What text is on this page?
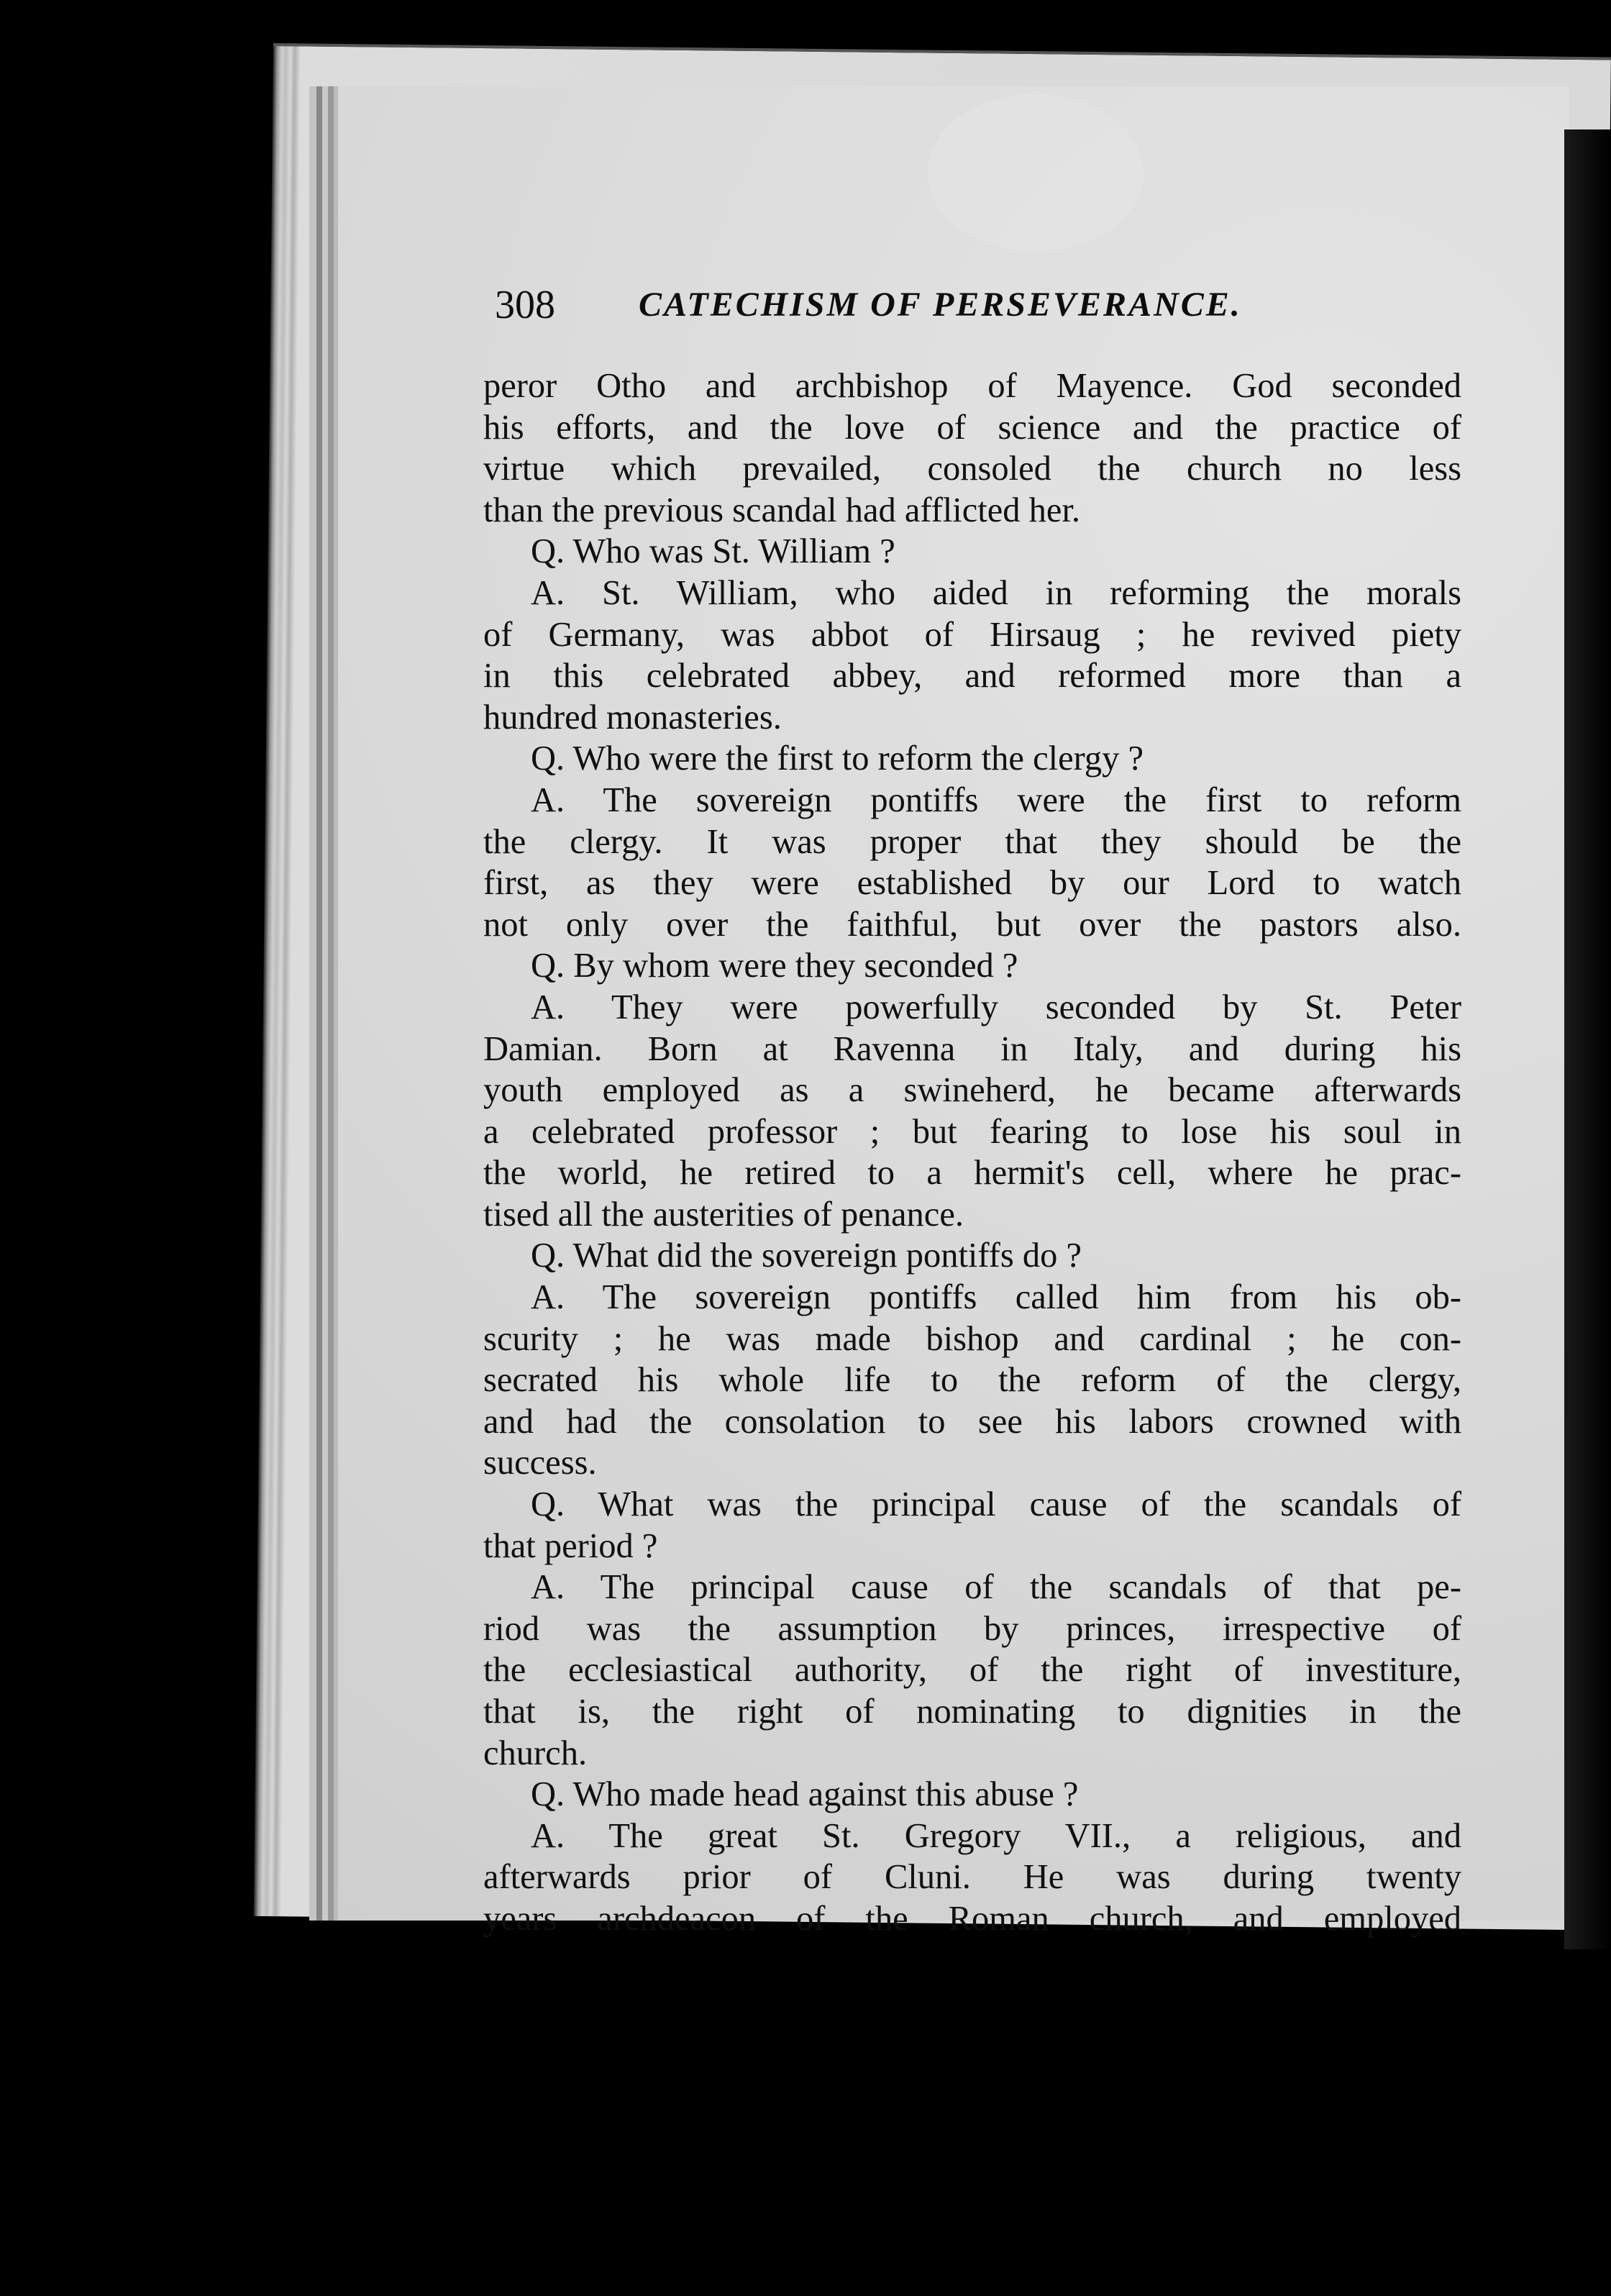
308 CATECHISM OF PERSEVERANCE.
peror Otho and archbishop of Mayence. God seconded
his efforts, and the love of science and the practice of
virtue which prevailed, consoled the church no less
than the previous scandal had afflicted her.
Q. Who was St. William ?
A. St. William, who aided in reforming the morals
of Germany, was abbot of Hirsaug ; he revived piety
in this celebrated abbey, and reformed more than a
hundred monasteries.
Q. Who were the first to reform the clergy ?
A. The sovereign pontiffs were the first to reform
the clergy. It was proper that they should be the
first, as they were established by our Lord to watch
not only over the faithful, but over the pastors also.
Q. By whom were they seconded ?
A. They were powerfully seconded by St. Peter
Damian. Born at Ravenna in Italy, and during his
youth employed as a swineherd, he became afterwards
a celebrated professor ; but fearing to lose his soul in
the world, he retired to a hermit's cell, where he prac-
tised all the austerities of penance.
Q. What did the sovereign pontiffs do ?
A. The sovereign pontiffs called him from his ob-
scurity ; he was made bishop and cardinal ; he con-
secrated his whole life to the reform of the clergy,
and had the consolation to see his labors crowned with
success.
Q. What was the principal cause of the scandals of
that period ?
A. The principal cause of the scandals of that pe-
riod was the assumption by princes, irrespective of
the ecclesiastical authority, of the right of investiture,
that is, the right of nominating to dignities in the
church.
Q. Who made head against this abuse ?
A. The great St. Gregory VII., a religious, and
afterwards prior of Cluni. He was during twenty
years archdeacon of the Roman church, and employed
